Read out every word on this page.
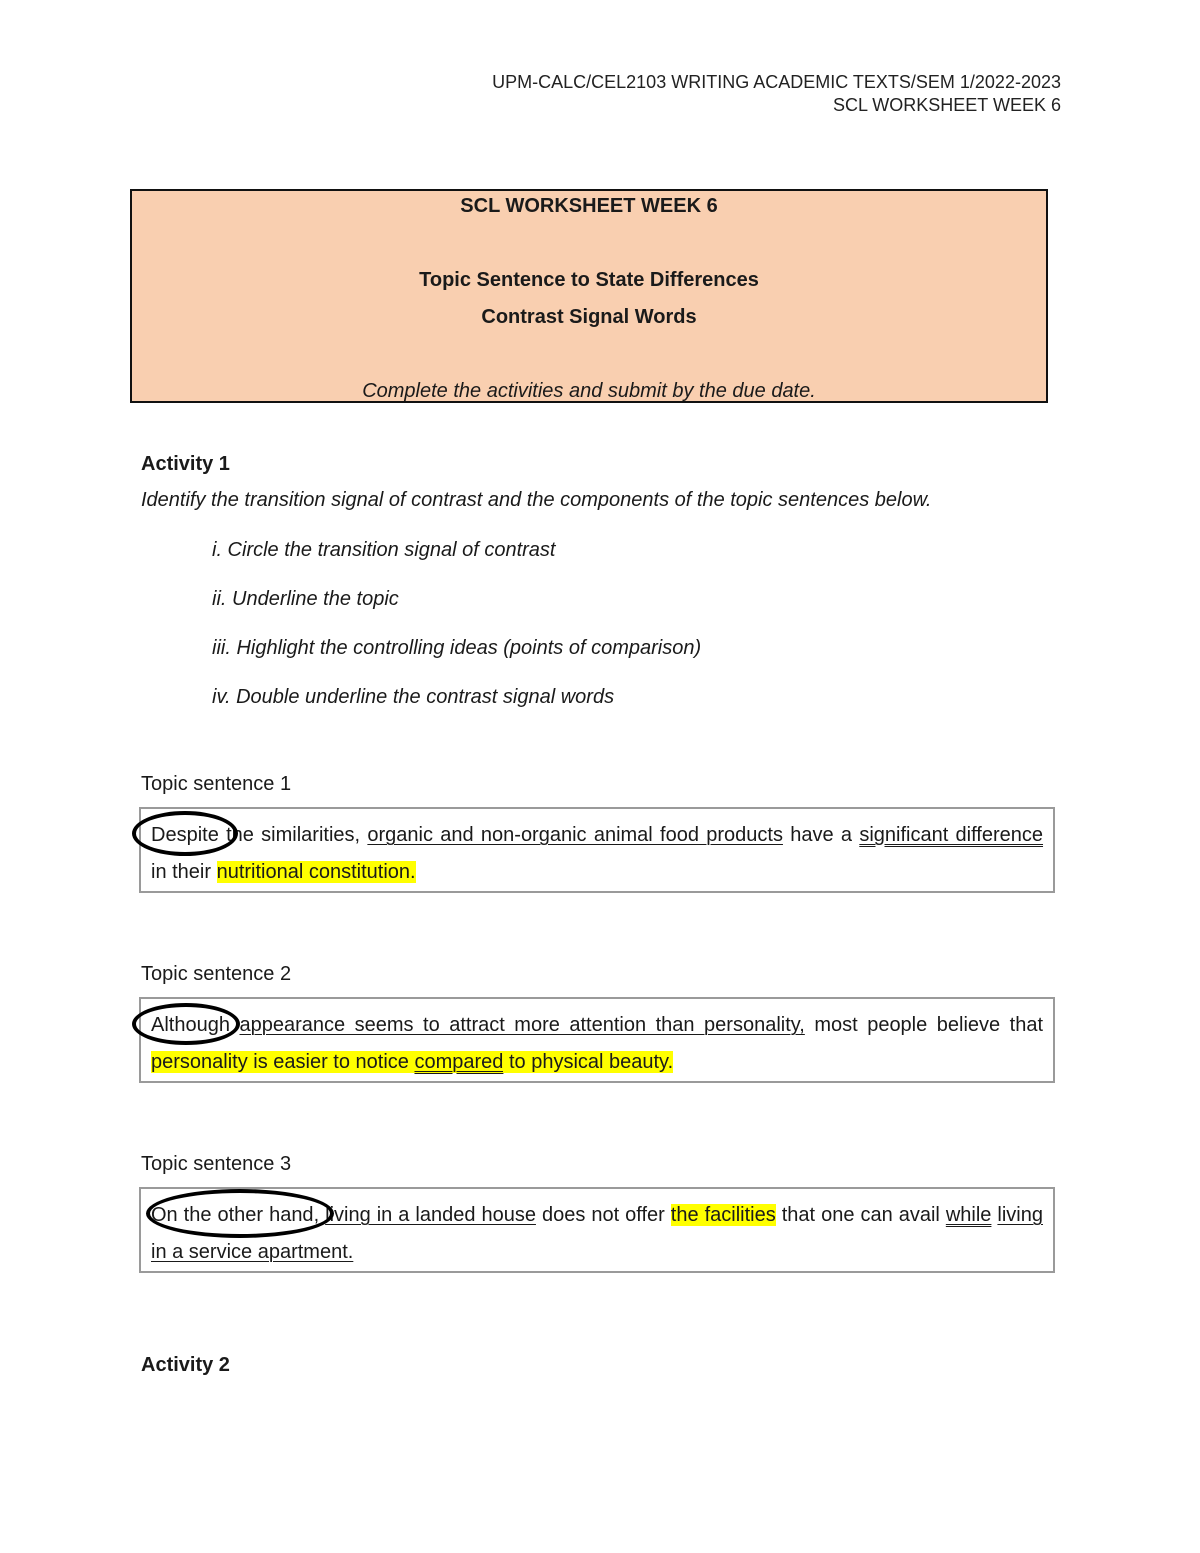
UPM-CALC/CEL2103 WRITING ACADEMIC TEXTS/SEM 1/2022-2023
SCL WORKSHEET WEEK 6
SCL WORKSHEET WEEK 6
Topic Sentence to State Differences
Contrast Signal Words
Complete the activities and submit by the due date.
Activity 1
Identify the transition signal of contrast and the components of the topic sentences below.
i. Circle the transition signal of contrast
ii. Underline the topic
iii. Highlight the controlling ideas (points of comparison)
iv. Double underline the contrast signal words
Topic sentence 1
Despite the similarities, organic and non-organic animal food products have a significant difference in their nutritional constitution.
Topic sentence 2
Although appearance seems to attract more attention than personality, most people believe that personality is easier to notice compared to physical beauty.
Topic sentence 3
On the other hand, living in a landed house does not offer the facilities that one can avail while living in a service apartment.
Activity 2
